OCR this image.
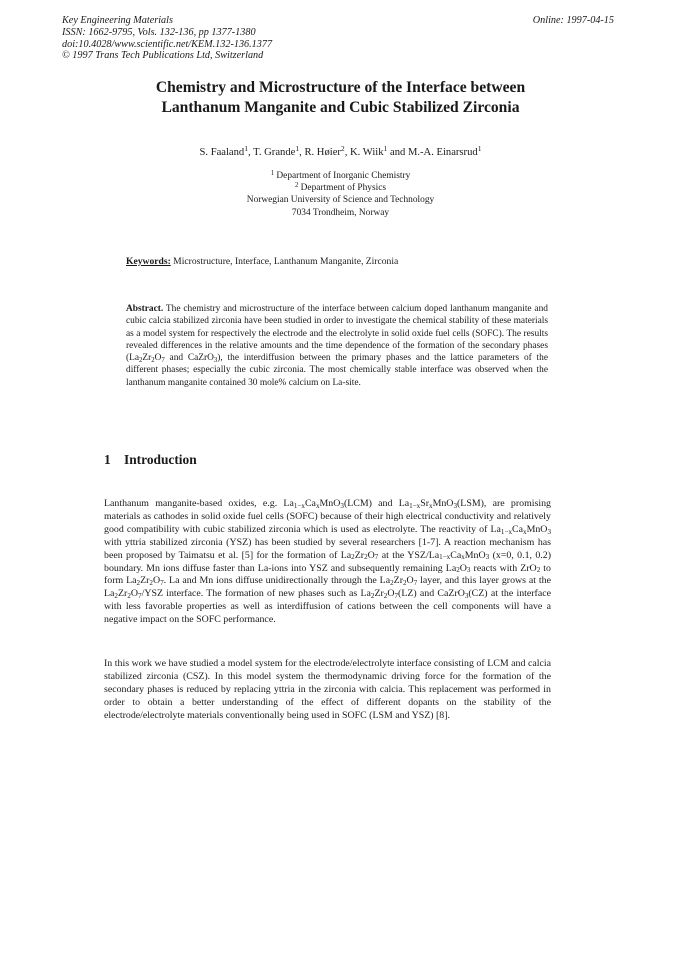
Key Engineering Materials
ISSN: 1662-9795, Vols. 132-136, pp 1377-1380
doi:10.4028/www.scientific.net/KEM.132-136.1377
© 1997 Trans Tech Publications Ltd, Switzerland
Online: 1997-04-15
Chemistry and Microstructure of the Interface between
Lanthanum Manganite and Cubic Stabilized Zirconia
S. Faaland$^1$, T. Grande$^1$, R. Høier$^2$, K. Wiik$^1$ and M.-A. Einarsrud$^1$
$^1$ Department of Inorganic Chemistry
$^2$ Department of Physics
Norwegian University of Science and Technology
7034 Trondheim, Norway
Keywords: Microstructure, Interface, Lanthanum Manganite, Zirconia
Abstract. The chemistry and microstructure of the interface between calcium doped lanthanum manganite and cubic calcia stabilized zirconia have been studied in order to investigate the chemical stability of these materials as a model system for respectively the electrode and the electrolyte in solid oxide fuel cells (SOFC). The results revealed differences in the relative amounts and the time dependence of the formation of the secondary phases ($La_2Zr_2O_7$ and CaZrO$_3$), the interdiffusion between the primary phases and the lattice parameters of the different phases; especially the cubic zirconia. The most chemically stable interface was observed when the lanthanum manganite contained 30 mole% calcium on La-site.
1 Introduction
Lanthanum manganite-based oxides, e.g. $La_{1-x}Ca_xMnO_3(LCM)$ and $La_{1-x}Sr_xMnO_3(LSM)$, are promising materials as cathodes in solid oxide fuel cells (SOFC) because of their high electrical conductivity and relatively good compatibility with cubic stabilized zirconia which is used as electrolyte. The reactivity of $La_{1-x}Ca_xMnO_3$ with yttria stabilized zirconia (YSZ) has been studied by several researchers [1-7]. A reaction mechanism has been proposed by Taimatsu et al. [5] for the formation of $La_2Zr_2O_7$ at the YSZ/$La_{1-x}Ca_xMnO_3$ (x=0, 0.1, 0.2) boundary. Mn ions diffuse faster than La-ions into YSZ and subsequently remaining $La_2O_3$ reacts with ZrO$_2$ to form $La_2Zr_2O_7$. La and Mn ions diffuse unidirectionally through the $La_2Zr_2O_7$ layer, and this layer grows at the $La_2Zr_2O_7$/YSZ interface. The formation of new phases such as $La_2Zr_2O_7(LZ)$ and CaZrO$_3$(CZ) at the interface with less favorable properties as well as interdiffusion of cations between the cell components will have a negative impact on the SOFC performance.
In this work we have studied a model system for the electrode/electrolyte interface consisting of LCM and calcia stabilized zirconia (CSZ). In this model system the thermodynamic driving force for the formation of the secondary phases is reduced by replacing yttria in the zirconia with calcia. This replacement was performed in order to obtain a better understanding of the effect of different dopants on the stability of the electrode/electrolyte materials conventionally being used in SOFC (LSM and YSZ) [8].
